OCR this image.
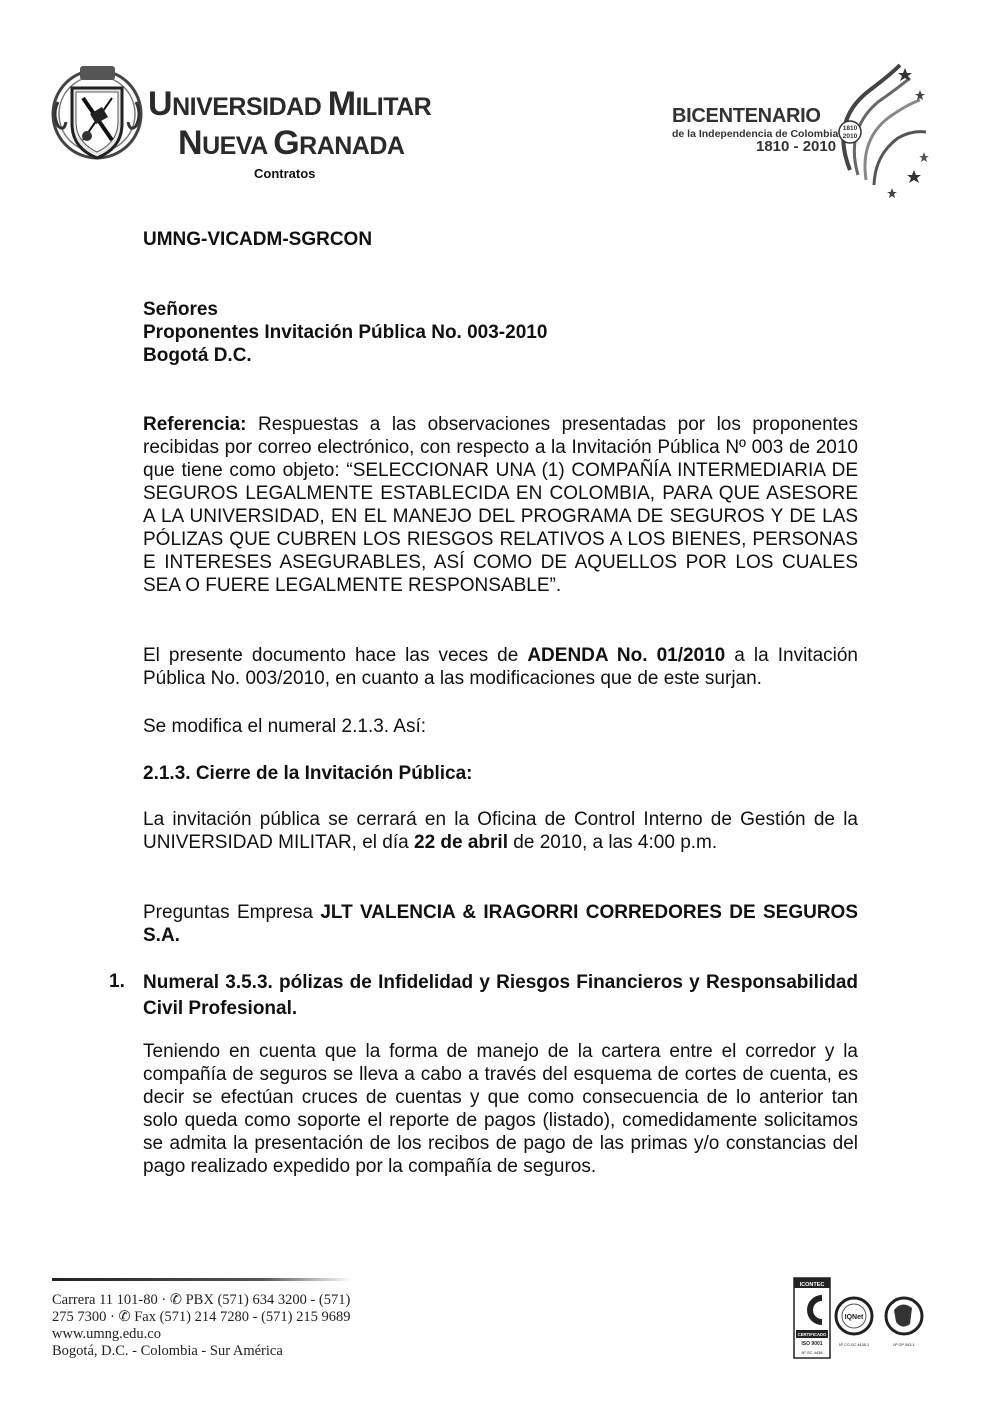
UNIVERSIDAD MILITAR
NUEVA GRANADA
Contratos
BICENTENARIO
de la Independencia de Colombia
1810 - 2010
1810
2010

UMNG-VICADM-SGRCON

Señores
Proponentes Invitación Pública No. 003-2010
Bogotá D.C.

Referencia: Respuestas a las observaciones presentadas por los proponentes recibidas por correo electrónico, con respecto a la Invitación Pública Nº 003 de 2010 que tiene como objeto: “SELECCIONAR UNA (1) COMPAÑÍA INTERMEDIARIA DE SEGUROS LEGALMENTE ESTABLECIDA EN COLOMBIA, PARA QUE ASESORE A LA UNIVERSIDAD, EN EL MANEJO DEL PROGRAMA DE SEGUROS Y DE LAS PÓLIZAS QUE CUBREN LOS RIESGOS RELATIVOS A LOS BIENES, PERSONAS E INTERESES ASEGURABLES, ASÍ COMO DE AQUELLOS POR LOS CUALES SEA O FUERE LEGALMENTE RESPONSABLE”.

El presente documento hace las veces de ADENDA No. 01/2010 a la Invitación Pública No. 003/2010, en cuanto a las modificaciones que de este surjan.

Se modifica el numeral 2.1.3. Así:

2.1.3. Cierre de la Invitación Pública:

La invitación pública se cerrará en la Oficina de Control Interno de Gestión de la UNIVERSIDAD MILITAR, el día 22 de abril de 2010, a las 4:00 p.m.

Preguntas Empresa JLT VALENCIA & IRAGORRI CORREDORES DE SEGUROS S.A.

1. Numeral 3.5.3. pólizas de Infidelidad y Riesgos Financieros y Responsabilidad Civil Profesional.

Teniendo en cuenta que la forma de manejo de la cartera entre el corredor y la compañía de seguros se lleva a cabo a través del esquema de cortes de cuenta, es decir se efectúan cruces de cuentas y que como consecuencia de lo anterior tan solo queda como soporte el reporte de pagos (listado), comedidamente solicitamos se admita la presentación de los recibos de pago de las primas y/o constancias del pago realizado expedido por la compañía de seguros.

Carrera 11 101-80 · ✆ PBX (571) 634 3200 - (571)
275 7300 · ✆ Fax (571) 214 7280 - (571) 215 9689
www.umng.edu.co
Bogotá, D.C. - Colombia - Sur América
ICONTEC
CERTIFICADO
ISO 9001
Nº SC 4438
IQNet
Nº CO-SC 4438-1	Nº GP 093-1
